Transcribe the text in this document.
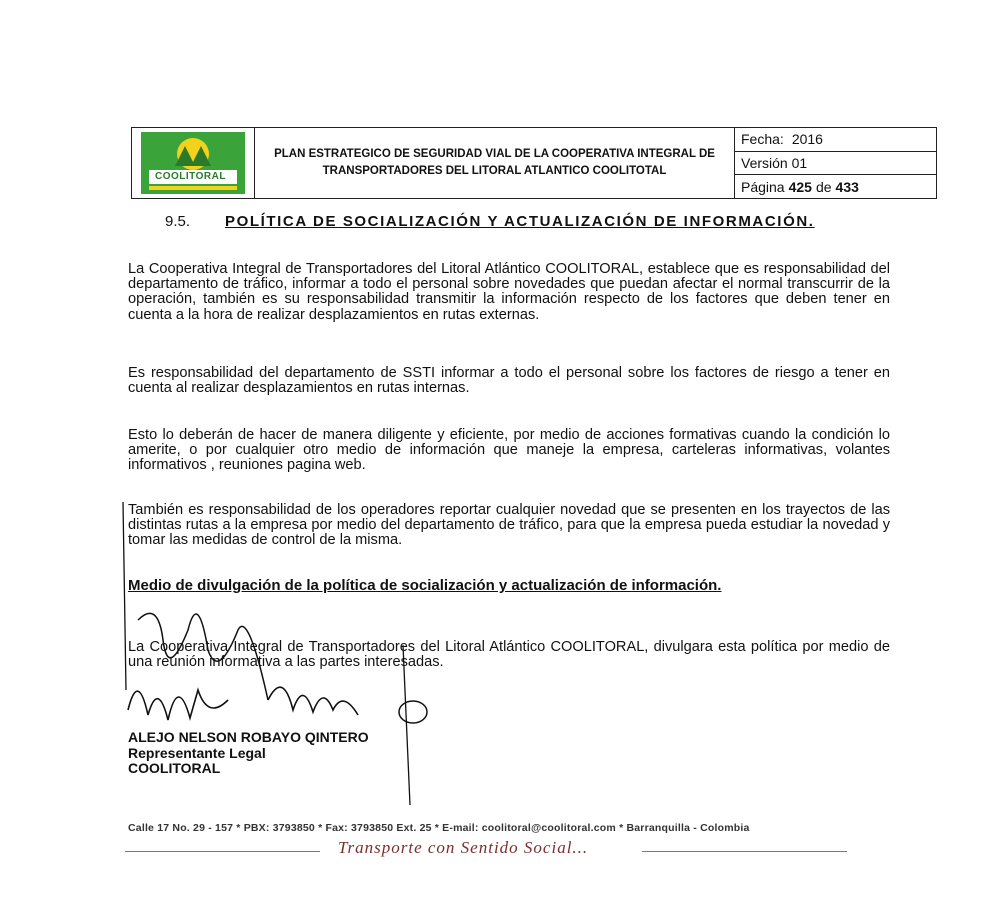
COOLITORAL
PLAN ESTRATEGICO DE SEGURIDAD VIAL DE LA COOPERATIVA INTEGRAL DE TRANSPORTADORES DEL LITORAL ATLANTICO COOLITOTAL
Fecha: 2016
Versión 01
Página 425 de 433
9.5.	POLÍTICA DE SOCIALIZACIÓN Y ACTUALIZACIÓN DE INFORMACIÓN.
La Cooperativa Integral de Transportadores del Litoral Atlántico COOLITORAL, establece que es responsabilidad del departamento de tráfico, informar a todo el personal sobre novedades que puedan afectar el normal transcurrir de la operación, también es su responsabilidad transmitir la información respecto de los factores que deben tener en cuenta a la hora de realizar desplazamientos en rutas externas.
Es responsabilidad del departamento de SSTI informar a todo el personal sobre los factores de riesgo a tener en cuenta al realizar desplazamientos en rutas internas.
Esto lo deberán de hacer de manera diligente y eficiente, por medio de acciones formativas cuando la condición lo amerite, o por cualquier otro medio de información que maneje la empresa, carteleras informativas, volantes informativos , reuniones pagina web.
También es responsabilidad de los operadores reportar cualquier novedad que se presenten en los trayectos de las distintas rutas a la empresa por medio del departamento de tráfico, para que la empresa pueda estudiar la novedad y tomar las medidas de control de la misma.
Medio de divulgación de la política de socialización y actualización de información.
La Cooperativa Integral de Transportadores del Litoral Atlántico COOLITORAL, divulgara esta política por medio de una reunión informativa a las partes interesadas.
ALEJO NELSON ROBAYO QINTERO
Representante Legal
COOLITORAL
Calle 17 No. 29 - 157 * PBX: 3793850 * Fax: 3793850 Ext. 25 * E-mail: coolitoral@coolitoral.com * Barranquilla - Colombia
Transporte con Sentido Social...
